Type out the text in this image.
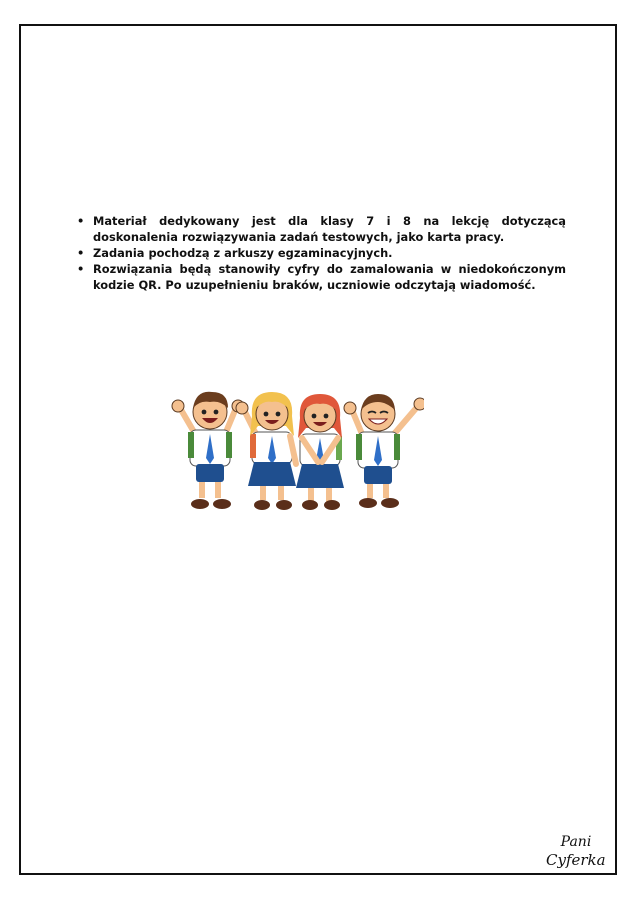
• Materiał dedykowany jest dla klasy 7 i 8 na lekcję dotyczącą doskonalenia rozwiązywania zadań testowych, jako karta pracy.
• Zadania pochodzą z arkuszy egzaminacyjnych.
• Rozwiązania będą stanowiły cyfry do zamalowania w niedokończonym kodzie QR. Po uzupełnieniu braków, uczniowie odczytają wiadomość.
Pani
Cyferka
